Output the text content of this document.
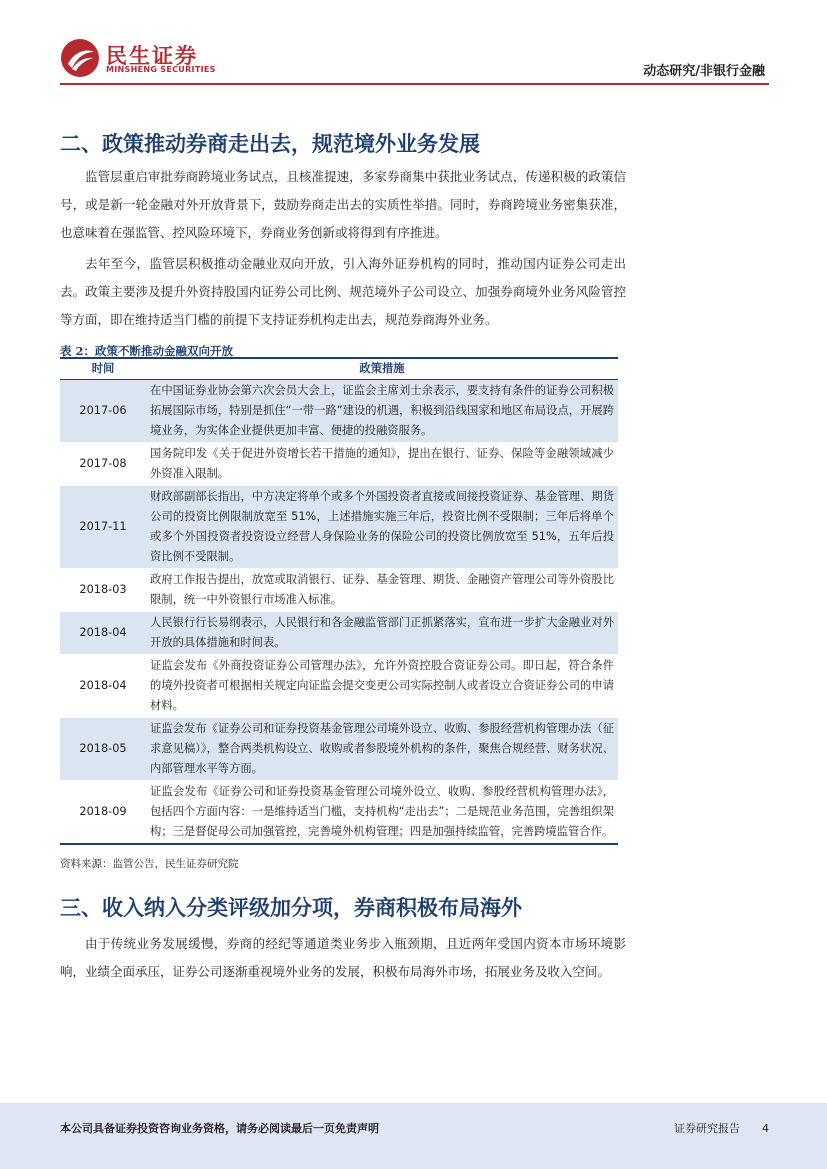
民生证券
MINSHENG SECURITIES	动态研究/非银行金融
二、政策推动券商走出去，规范境外业务发展

监管层重启审批券商跨境业务试点，且核准提速，多家券商集中获批业务试点，传递积极的政策信号，或是新一轮金融对外开放背景下，鼓励券商走出去的实质性举措。同时，券商跨境业务密集获准，也意味着在强监管、控风险环境下，券商业务创新或将得到有序推进。

去年至今，监管层积极推动金融业双向开放，引入海外证券机构的同时，推动国内证券公司走出去。政策主要涉及提升外资持股国内证券公司比例、规范境外子公司设立、加强券商境外业务风险管控等方面，即在维持适当门槛的前提下支持证券机构走出去，规范券商海外业务。

表 2：政策不断推动金融双向开放
时间	政策措施
2017-06	在中国证券业协会第六次会员大会上，证监会主席刘士余表示，要支持有条件的证券公司积极拓展国际市场，特别是抓住“一带一路”建设的机遇，积极到沿线国家和地区布局设点，开展跨境业务，为实体企业提供更加丰富、便捷的投融资服务。
2017-08	国务院印发《关于促进外资增长若干措施的通知》，提出在银行、证券、保险等金融领域减少外资准入限制。
2017-11	财政部副部长指出，中方决定将单个或多个外国投资者直接或间接投资证券、基金管理、期货公司的投资比例限制放宽至 51%，上述措施实施三年后，投资比例不受限制；三年后将单个或多个外国投资者投资设立经营人身保险业务的保险公司的投资比例放宽至 51%，五年后投资比例不受限制。
2018-03	政府工作报告提出，放宽或取消银行、证券、基金管理、期货、金融资产管理公司等外资股比限制，统一中外资银行市场准入标准。
2018-04	人民银行行长易纲表示，人民银行和各金融监管部门正抓紧落实，宣布进一步扩大金融业对外开放的具体措施和时间表。
2018-04	证监会发布《外商投资证券公司管理办法》，允许外资控股合资证券公司。即日起，符合条件的境外投资者可根据相关规定向证监会提交变更公司实际控制人或者设立合资证券公司的申请材料。
2018-05	证监会发布《证券公司和证券投资基金管理公司境外设立、收购、参股经营机构管理办法（征求意见稿）》，整合两类机构设立、收购或者参股境外机构的条件，聚焦合规经营、财务状况、内部管理水平等方面。
2018-09	证监会发布《证券公司和证券投资基金管理公司境外设立、收购、参股经营机构管理办法》，包括四个方面内容：一是维持适当门槛，支持机构“走出去”；二是规范业务范围，完善组织架构；三是督促母公司加强管控，完善境外机构管理；四是加强持续监管，完善跨境监管合作。
资料来源：监管公告，民生证券研究院
三、收入纳入分类评级加分项，券商积极布局海外

由于传统业务发展缓慢，券商的经纪等通道类业务步入瓶颈期，且近两年受国内资本市场环境影响，业绩全面承压，证券公司逐渐重视境外业务的发展，积极布局海外市场，拓展业务及收入空间。

本公司具备证券投资咨询业务资格，请务必阅读最后一页免责声明	证券研究报告 4
